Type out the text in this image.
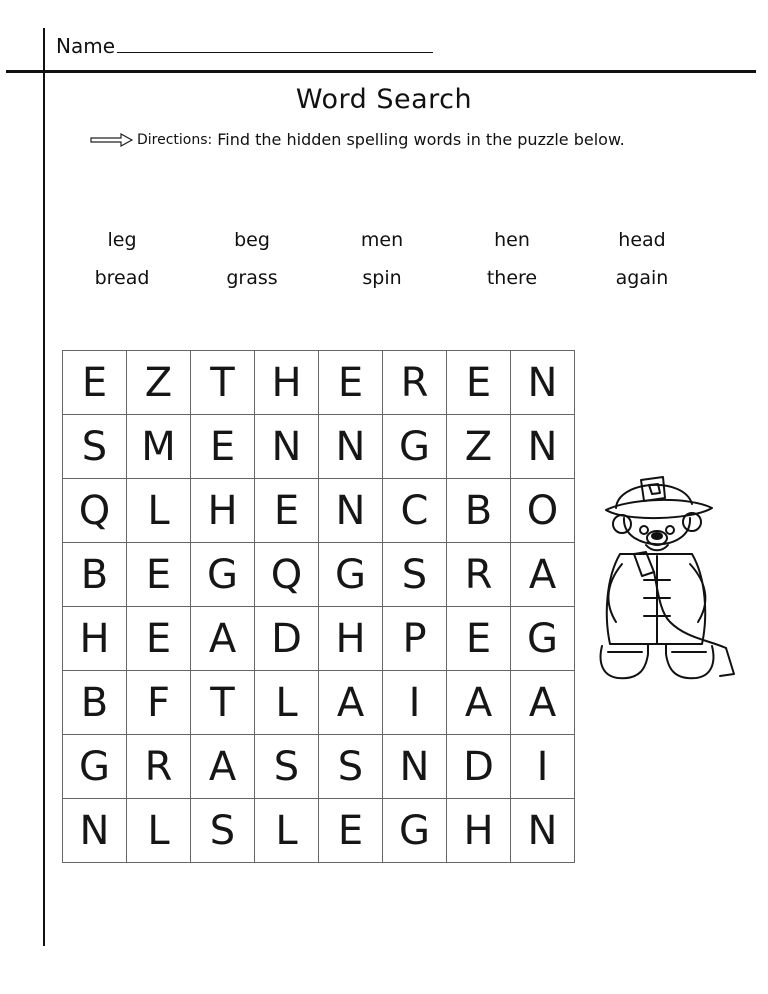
Name
Word Search
Directions: Find the hidden spelling words in the puzzle below.
leg	beg	men	hen	head
bread	grass	spin	there	again
E Z T H E R E N
S M E N N G Z N
Q L H E N C B O
B E G Q G S R A
H E A D H P E G
B F	T	L A	I	A A
G R A S S N D	I
N L	S	L	E G H N
